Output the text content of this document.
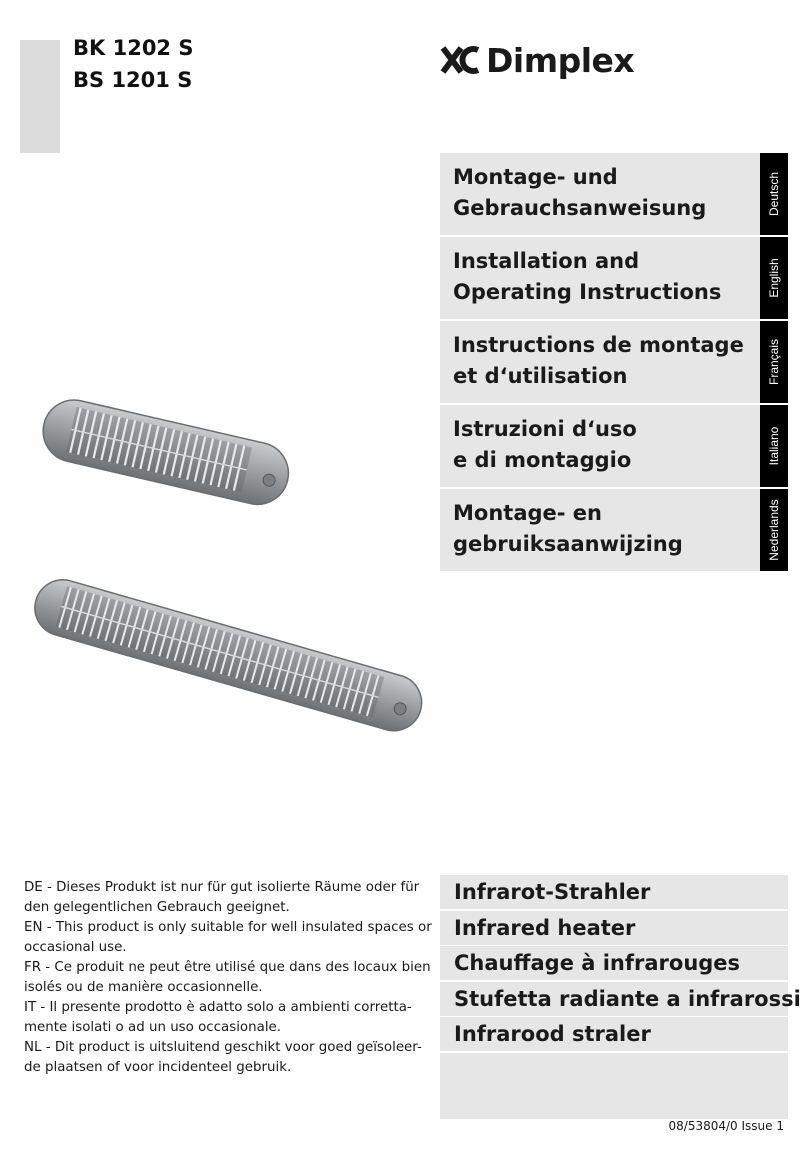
BK 1202 S
BS 1201 S
Dimplex
Montage- und
Gebrauchsanweisung	Deutsch
Installation and
Operating Instructions	English
Instructions de montage
et d‘utilisation	Français
Istruzioni d‘uso
e di montaggio	Italiano
Montage- en
gebruiksaanwijzing	Nederlands
DE - Dieses Produkt ist nur für gut isolierte Räume oder für den gelegentlichen Gebrauch geeignet.
EN - This product is only suitable for well insulated spaces or occasional use.
FR - Ce produit ne peut être utilisé que dans des locaux bien isolés ou de manière occasionnelle.
IT - Il presente prodotto è adatto solo a ambienti corretta-mente isolati o ad un uso occasionale.
NL - Dit product is uitsluitend geschikt voor goed geïsoleer-de plaatsen of voor incidenteel gebruik.
Infrarot-Strahler
Infrared heater
Chauffage à infrarouges
Stufetta radiante a infrarossi
Infrarood straler
08/53804/0 Issue 1
